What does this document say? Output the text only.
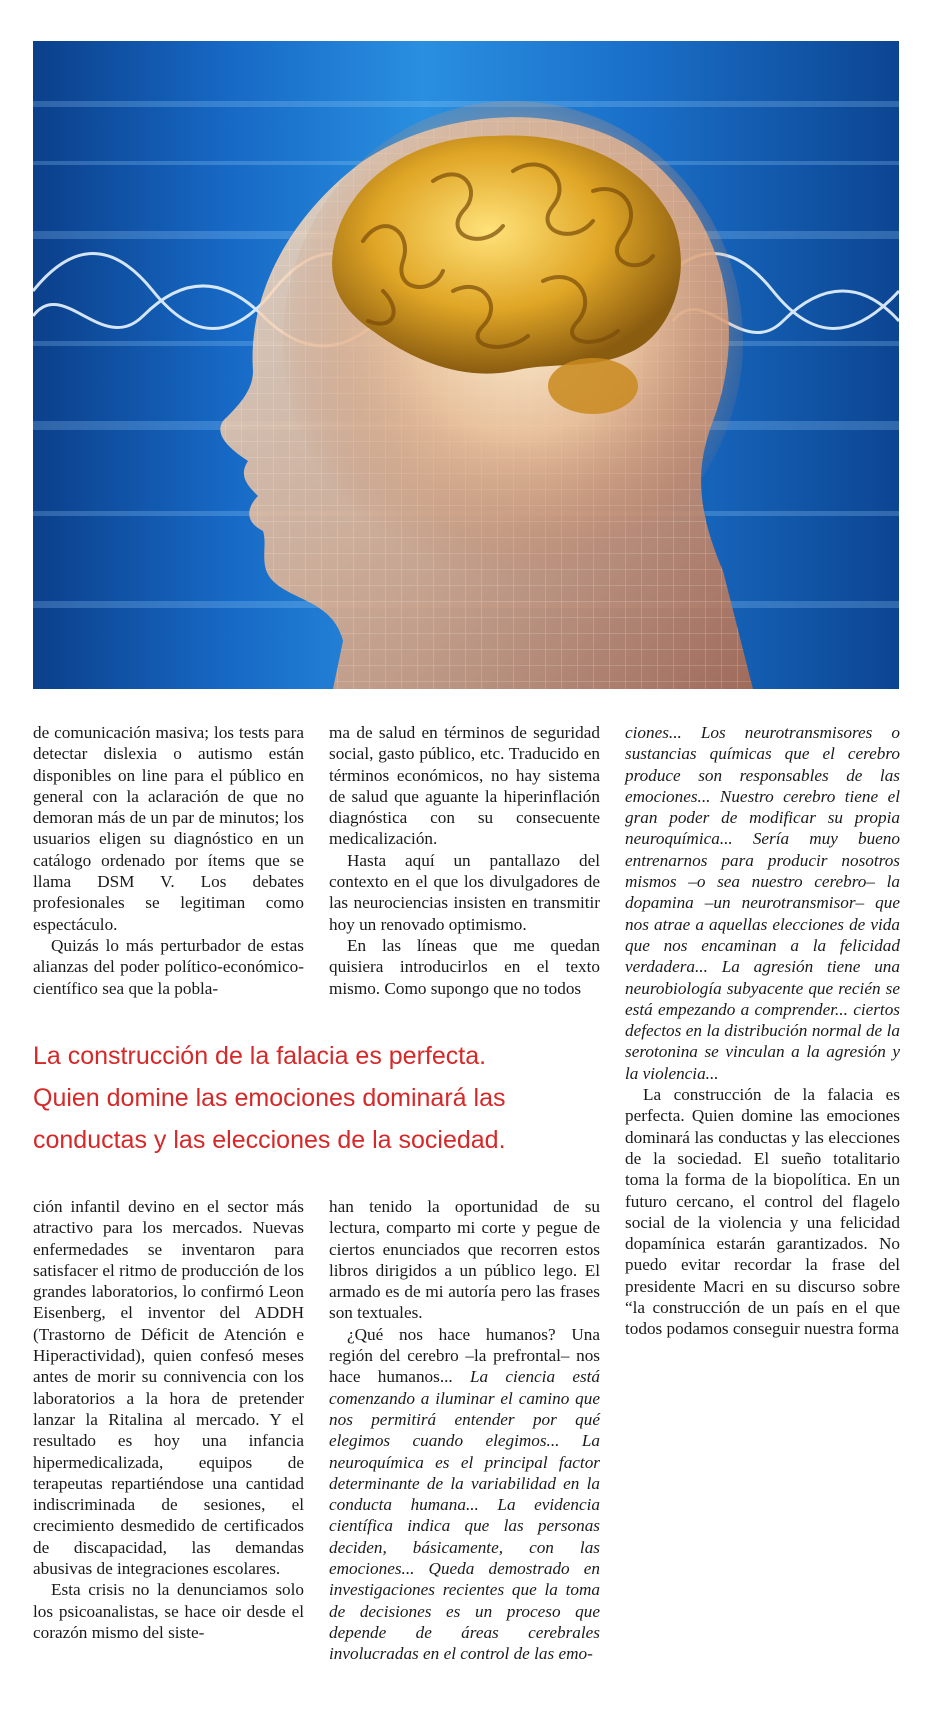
de comunicación masiva; los tests para detectar dislexia o autismo están disponibles on line para el público en general con la aclaración de que no demoran más de un par de minutos; los usuarios eligen su diagnóstico en un catálogo ordenado por ítems que se llama DSM V. Los debates profesionales se legitiman como espectáculo.

Quizás lo más perturbador de estas alianzas del poder político-económico-científico sea que la pobla-

ma de salud en términos de seguridad social, gasto público, etc. Traducido en términos económicos, no hay sistema de salud que aguante la hiperinflación diagnóstica con su consecuente medicalización.

Hasta aquí un pantallazo del contexto en el que los divulgadores de las neurociencias insisten en transmitir hoy un renovado optimismo.

En las líneas que me quedan quisiera introducirlos en el texto mismo. Como supongo que no todos

La construcción de la falacia es perfecta.
Quien domine las emociones dominará las
conductas y las elecciones de la sociedad.

ción infantil devino en el sector más atractivo para los mercados. Nuevas enfermedades se inventaron para satisfacer el ritmo de producción de los grandes laboratorios, lo confirmó Leon Eisenberg, el inventor del ADDH (Trastorno de Déficit de Atención e Hiperactividad), quien confesó meses antes de morir su connivencia con los laboratorios a la hora de pretender lanzar la Ritalina al mercado. Y el resultado es hoy una infancia hipermedicalizada, equipos de terapeutas repartiéndose una cantidad indiscriminada de sesiones, el crecimiento desmedido de certificados de discapacidad, las demandas abusivas de integraciones escolares.

Esta crisis no la denunciamos solo los psicoanalistas, se hace oir desde el corazón mismo del siste-

han tenido la oportunidad de su lectura, comparto mi corte y pegue de ciertos enunciados que recorren estos libros dirigidos a un público lego. El armado es de mi autoría pero las frases son textuales.

¿Qué nos hace humanos? Una región del cerebro –la prefrontal– nos hace humanos... La ciencia está comenzando a iluminar el camino que nos permitirá entender por qué elegimos cuando elegimos... La neuroquímica es el principal factor determinante de la variabilidad en la conducta humana... La evidencia científica indica que las personas deciden, básicamente, con las emociones... Queda demostrado en investigaciones recientes que la toma de decisiones es un proceso que depende de áreas cerebrales involucradas en el control de las emo-

ciones... Los neurotransmisores o sustancias químicas que el cerebro produce son responsables de las emociones... Nuestro cerebro tiene el gran poder de modificar su propia neuroquímica... Sería muy bueno entrenarnos para producir nosotros mismos –o sea nuestro cerebro– la dopamina –un neurotransmisor– que nos atrae a aquellas elecciones de vida que nos encaminan a la felicidad verdadera... La agresión tiene una neurobiología subyacente que recién se está empezando a comprender... ciertos defectos en la distribución normal de la serotonina se vinculan a la agresión y la violencia...

La construcción de la falacia es perfecta. Quien domine las emociones dominará las conductas y las elecciones de la sociedad. El sueño totalitario toma la forma de la biopolítica. En un futuro cercano, el control del flagelo social de la violencia y una felicidad dopamínica estarán garantizados. No puedo evitar recordar la frase del presidente Macri en su discurso sobre “la construcción de un país en el que todos podamos conseguir nuestra forma
